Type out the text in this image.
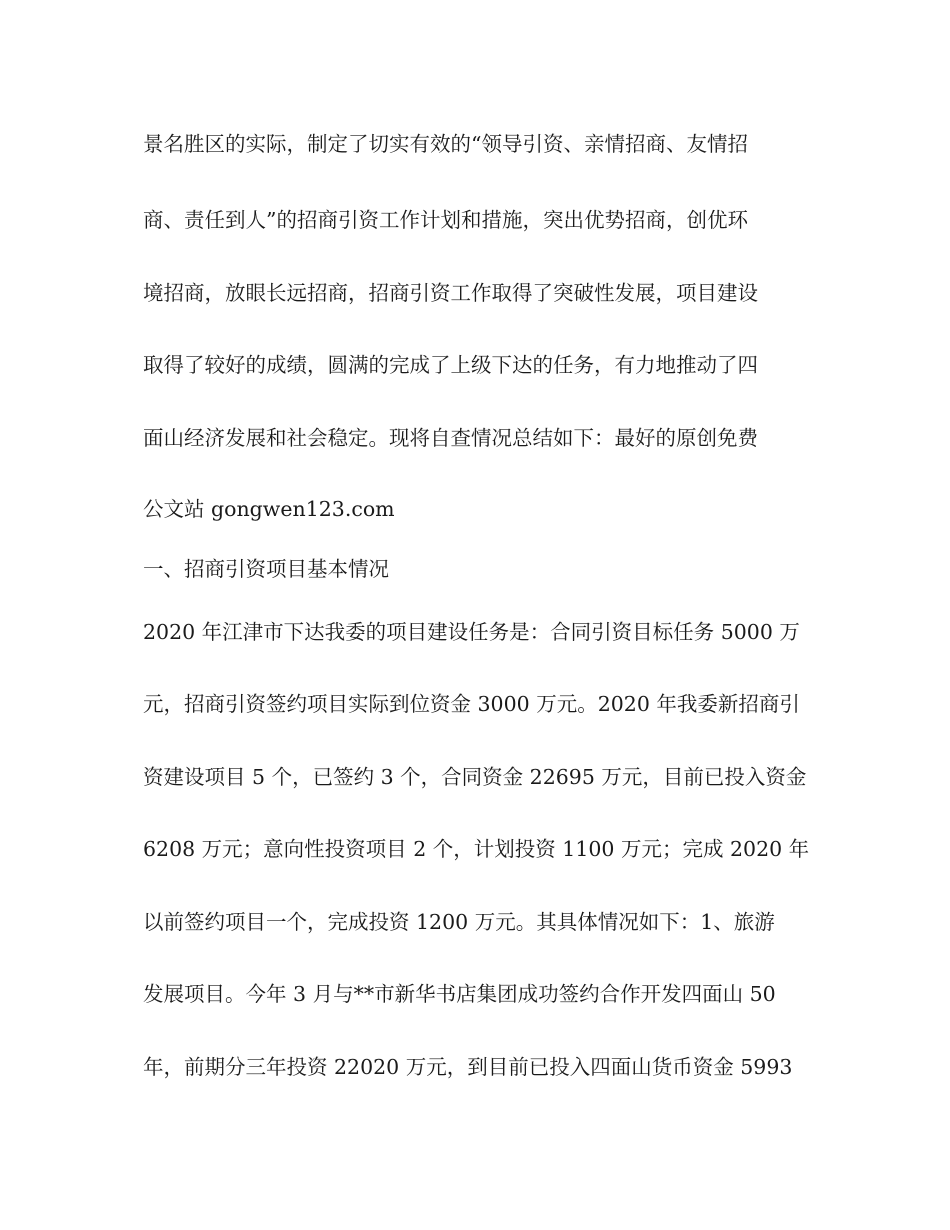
景名胜区的实际，制定了切实有效的“领导引资、亲情招商、友情招
商、责任到人”的招商引资工作计划和措施，突出优势招商，创优环
境招商，放眼长远招商，招商引资工作取得了突破性发展，项目建设
取得了较好的成绩，圆满的完成了上级下达的任务，有力地推动了四
面山经济发展和社会稳定。现将自查情况总结如下：最好的原创免费
公文站 gongwen123.com
一、招商引资项目基本情况
2020 年江津市下达我委的项目建设任务是：合同引资目标任务 5000 万
元，招商引资签约项目实际到位资金 3000 万元。2020 年我委新招商引
资建设项目 5 个，已签约 3 个，合同资金 22695 万元，目前已投入资金
6208 万元；意向性投资项目 2 个，计划投资 1100 万元；完成 2020 年
以前签约项目一个，完成投资 1200 万元。其具体情况如下：1、旅游
发展项目。今年 3 月与**市新华书店集团成功签约合作开发四面山 50
年，前期分三年投资 22020 万元，到目前已投入四面山货币资金 5993
